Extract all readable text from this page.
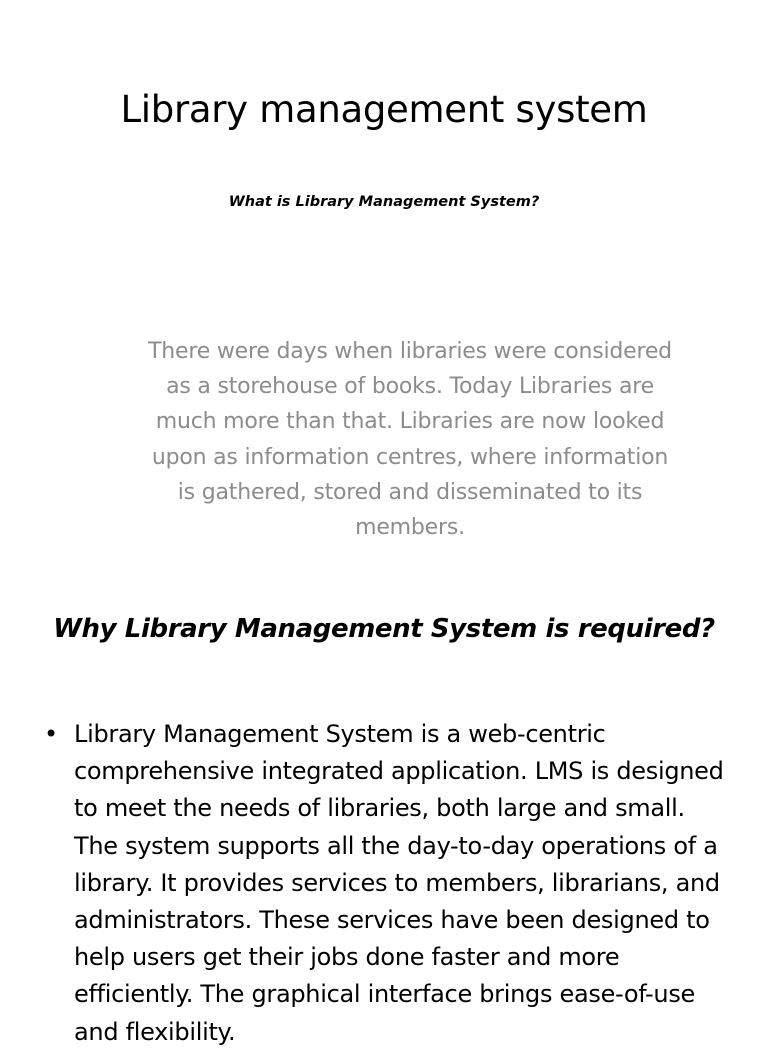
Library management system

What is Library Management System?

There were days when libraries were considered as a storehouse of books. Today Libraries are much more than that. Libraries are now looked upon as information centres, where information is gathered, stored and disseminated to its members.

Why Library Management System is required?
• Library Management System is a web-centric comprehensive integrated application. LMS is designed to meet the needs of libraries, both large and small. The system supports all the day-to-day operations of a library. It provides services to members, librarians, and administrators. These services have been designed to help users get their jobs done faster and more efficiently. The graphical interface brings ease-of-use and flexibility.
